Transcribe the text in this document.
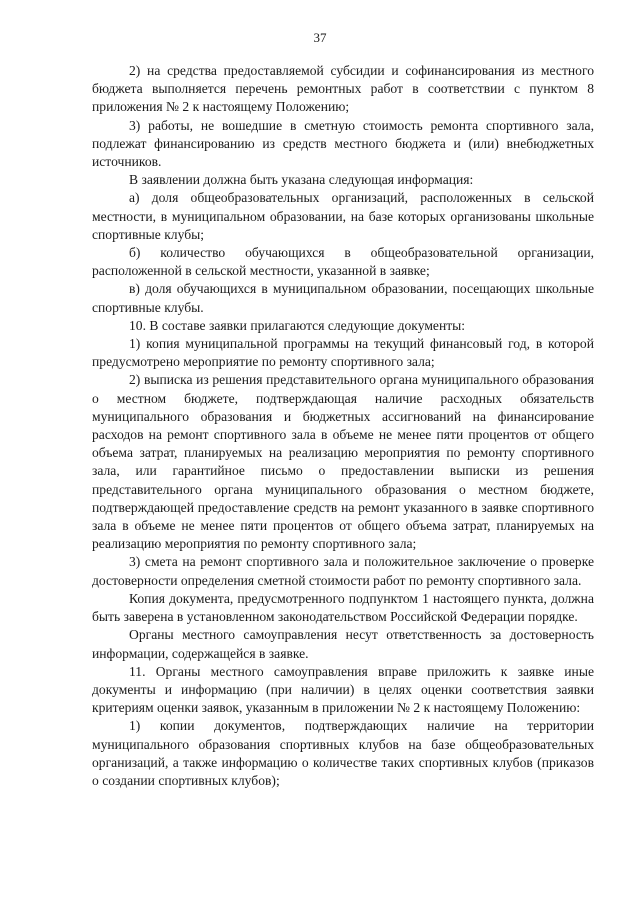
37

2) на средства предоставляемой субсидии и софинансирования из местного бюджета выполняется перечень ремонтных работ в соответствии с пунктом 8 приложения № 2 к настоящему Положению;

3) работы, не вошедшие в сметную стоимость ремонта спортивного зала, подлежат финансированию из средств местного бюджета и (или) внебюджетных источников.

В заявлении должна быть указана следующая информация:

а) доля общеобразовательных организаций, расположенных в сельской местности, в муниципальном образовании, на базе которых организованы школьные спортивные клубы;

б) количество обучающихся в общеобразовательной организации, расположенной в сельской местности, указанной в заявке;

в) доля обучающихся в муниципальном образовании, посещающих школьные спортивные клубы.

10. В составе заявки прилагаются следующие документы:

1) копия муниципальной программы на текущий финансовый год, в которой предусмотрено мероприятие по ремонту спортивного зала;

2) выписка из решения представительного органа муниципального образования о местном бюджете, подтверждающая наличие расходных обязательств муниципального образования и бюджетных ассигнований на финансирование расходов на ремонт спортивного зала в объеме не менее пяти процентов от общего объема затрат, планируемых на реализацию мероприятия по ремонту спортивного зала, или гарантийное письмо о предоставлении выписки из решения представительного органа муниципального образования о местном бюджете, подтверждающей предоставление средств на ремонт указанного в заявке спортивного зала в объеме не менее пяти процентов от общего объема затрат, планируемых на реализацию мероприятия по ремонту спортивного зала;

3) смета на ремонт спортивного зала и положительное заключение о проверке достоверности определения сметной стоимости работ по ремонту спортивного зала.

Копия документа, предусмотренного подпунктом 1 настоящего пункта, должна быть заверена в установленном законодательством Российской Федерации порядке.

Органы местного самоуправления несут ответственность за достоверность информации, содержащейся в заявке.

11. Органы местного самоуправления вправе приложить к заявке иные документы и информацию (при наличии) в целях оценки соответствия заявки критериям оценки заявок, указанным в приложении № 2 к настоящему Положению:

1) копии документов, подтверждающих наличие на территории муниципального образования спортивных клубов на базе общеобразовательных организаций, а также информацию о количестве таких спортивных клубов (приказов о создании спортивных клубов);
